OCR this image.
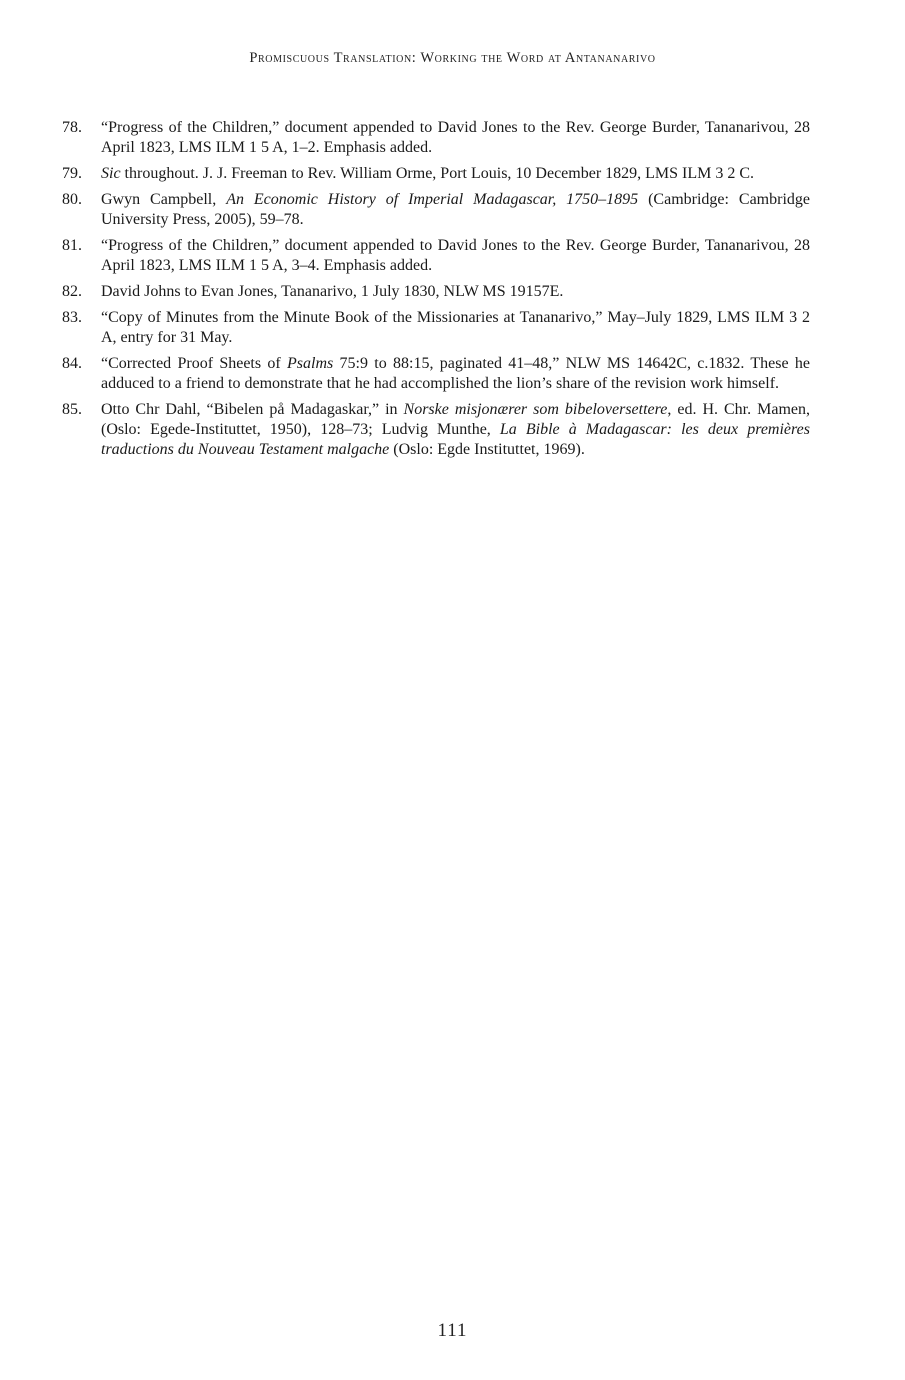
Promiscuous Translation: Working the Word at Antananarivo
78.	“Progress of the Children,” document appended to David Jones to the Rev. George Burder, Tananarivou, 28 April 1823, LMS ILM 1 5 A, 1–2. Emphasis added.
79.	Sic throughout. J. J. Freeman to Rev. William Orme, Port Louis, 10 December 1829, LMS ILM 3 2 C.
80.	Gwyn Campbell, An Economic History of Imperial Madagascar, 1750–1895 (Cambridge: Cambridge University Press, 2005), 59–78.
81.	“Progress of the Children,” document appended to David Jones to the Rev. George Burder, Tananarivou, 28 April 1823, LMS ILM 1 5 A, 3–4. Emphasis added.
82.	David Johns to Evan Jones, Tananarivo, 1 July 1830, NLW MS 19157E.
83.	“Copy of Minutes from the Minute Book of the Missionaries at Tananarivo,” May–July 1829, LMS ILM 3 2 A, entry for 31 May.
84.	“Corrected Proof Sheets of Psalms 75:9 to 88:15, paginated 41–48,” NLW MS 14642C, c.1832. These he adduced to a friend to demonstrate that he had accomplished the lion’s share of the revision work himself.
85.	Otto Chr Dahl, “Bibelen på Madagaskar,” in Norske misjonærer som bibeloversettere, ed. H. Chr. Mamen, (Oslo: Egede-Instituttet, 1950), 128–73; Ludvig Munthe, La Bible à Madagascar: les deux premières traductions du Nouveau Testament malgache (Oslo: Egde Instituttet, 1969).
111
